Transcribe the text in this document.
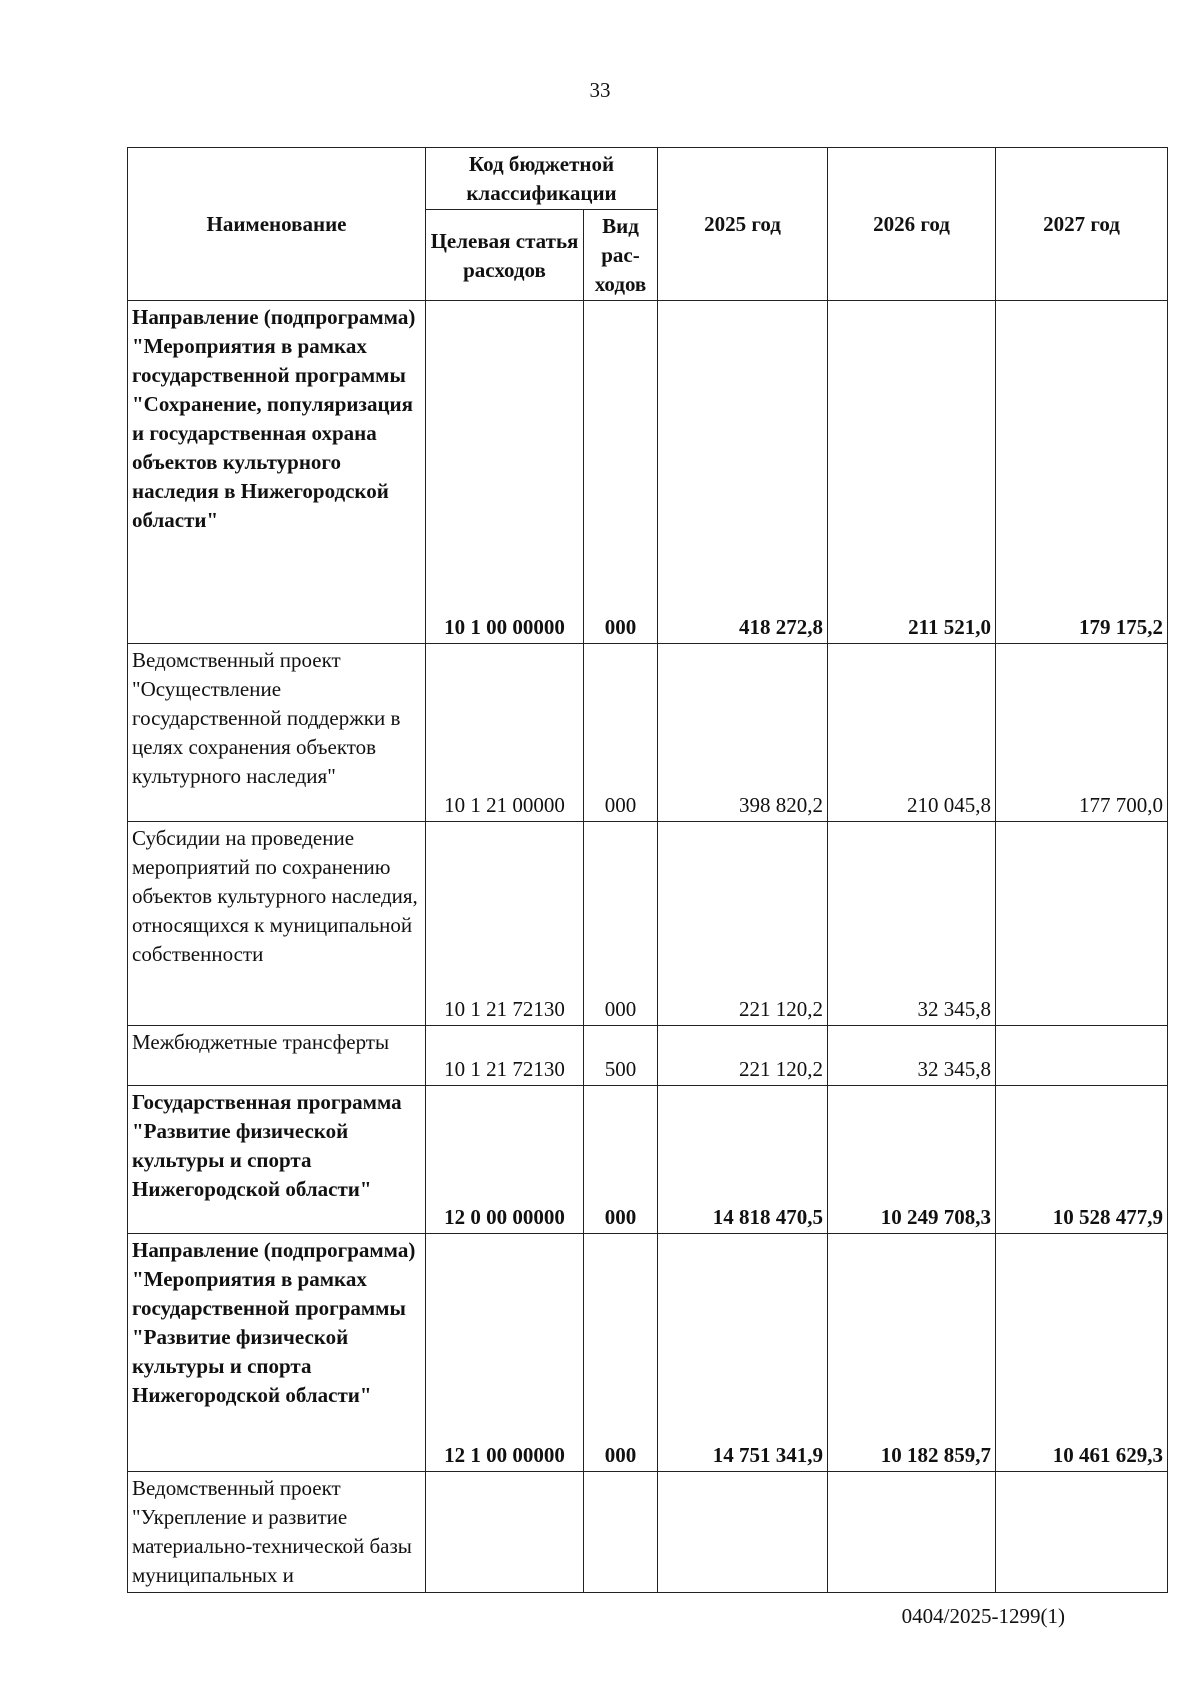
33
Наименование	Код бюджетной классификации		2025 год	2026 год	2027 год
	Целевая статья расходов	Вид рас- ходов			
Направление (подпрограмма) "Мероприятия в рамках государственной программы "Сохранение, популяризация и государственная охрана объектов культурного наследия в Нижегородской области"	10 1 00 00000	000	418 272,8	211 521,0	179 175,2
Ведомственный проект "Осуществление государственной поддержки в целях сохранения объектов культурного наследия"	10 1 21 00000	000	398 820,2	210 045,8	177 700,0
Субсидии на проведение мероприятий по сохранению объектов культурного наследия, относящихся к муниципальной собственности	10 1 21 72130	000	221 120,2	32 345,8	
Межбюджетные трансферты	10 1 21 72130	500	221 120,2	32 345,8	
Государственная программа "Развитие физической культуры и спорта Нижегородской области"	12 0 00 00000	000	14 818 470,5	10 249 708,3	10 528 477,9
Направление (подпрограмма) "Мероприятия в рамках государственной программы "Развитие физической культуры и спорта Нижегородской области"	12 1 00 00000	000	14 751 341,9	10 182 859,7	10 461 629,3
Ведомственный проект "Укрепление и развитие материально-технической базы муниципальных и					
0404/2025-1299(1)
